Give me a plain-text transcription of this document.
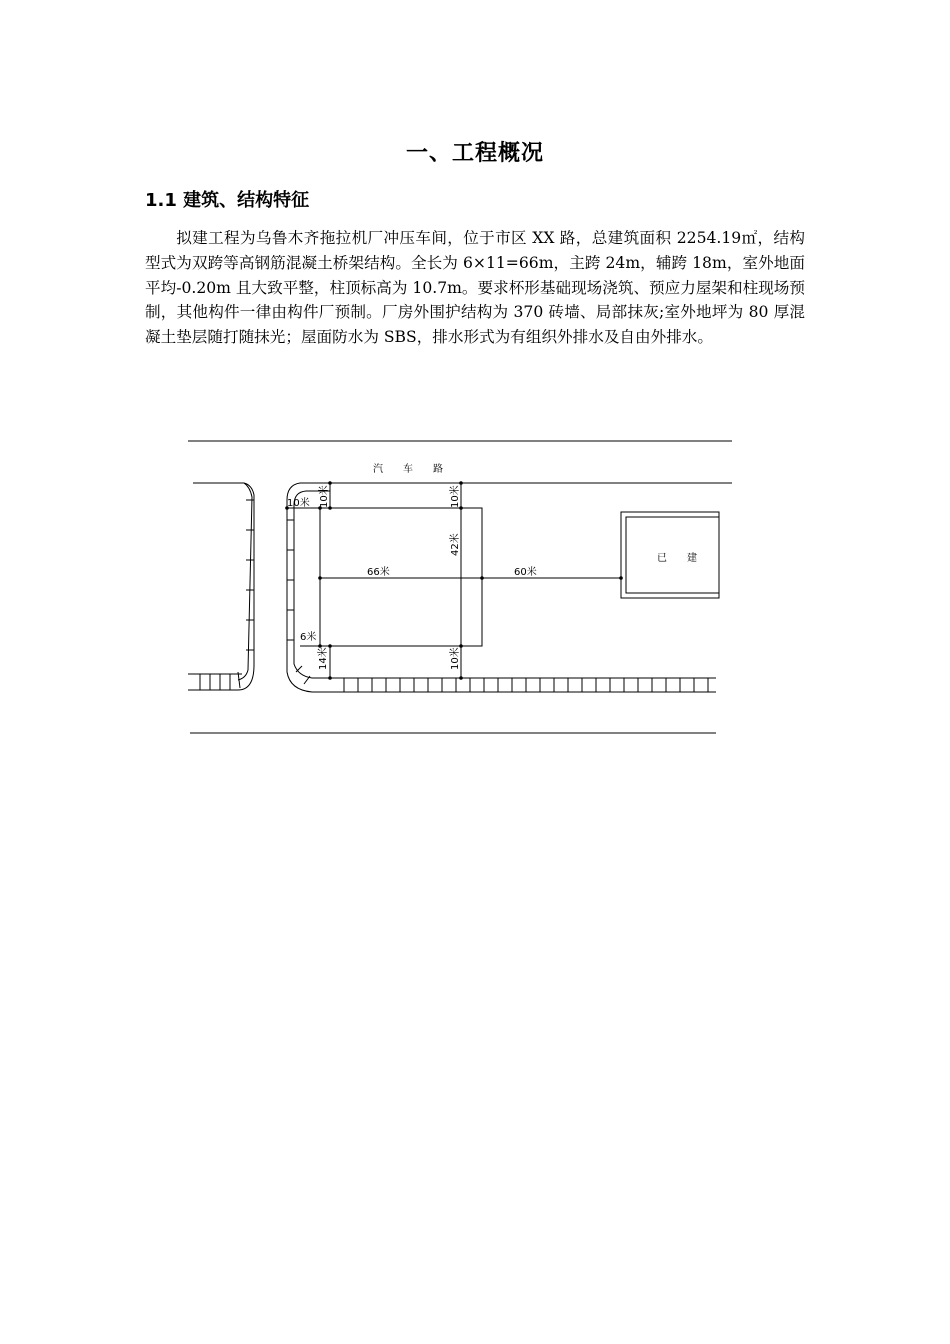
一、工程概况
1.1 建筑、结构特征

拟建工程为乌鲁木齐拖拉机厂冲压车间，位于市区 XX 路，总建筑面积 2254.19㎡，结构型式为双跨等高钢筋混凝土桥架结构。全长为 6×11=66m，主跨 24m，辅跨 18m，室外地面平均-0.20m 且大致平整，柱顶标高为 10.7m。要求杯形基础现场浇筑、预应力屋架和柱现场预制，其他构件一律由构件厂预制。厂房外围护结构为 370 砖墙、局部抹灰;室外地坪为 80 厚混凝土垫层随打随抹光；屋面防水为 SBS，排水形式为有组织外排水及自由外排水。

汽　　车　　路
已　　建
10米 10米	10米
42米
66米	60米
6米
14米	10米
